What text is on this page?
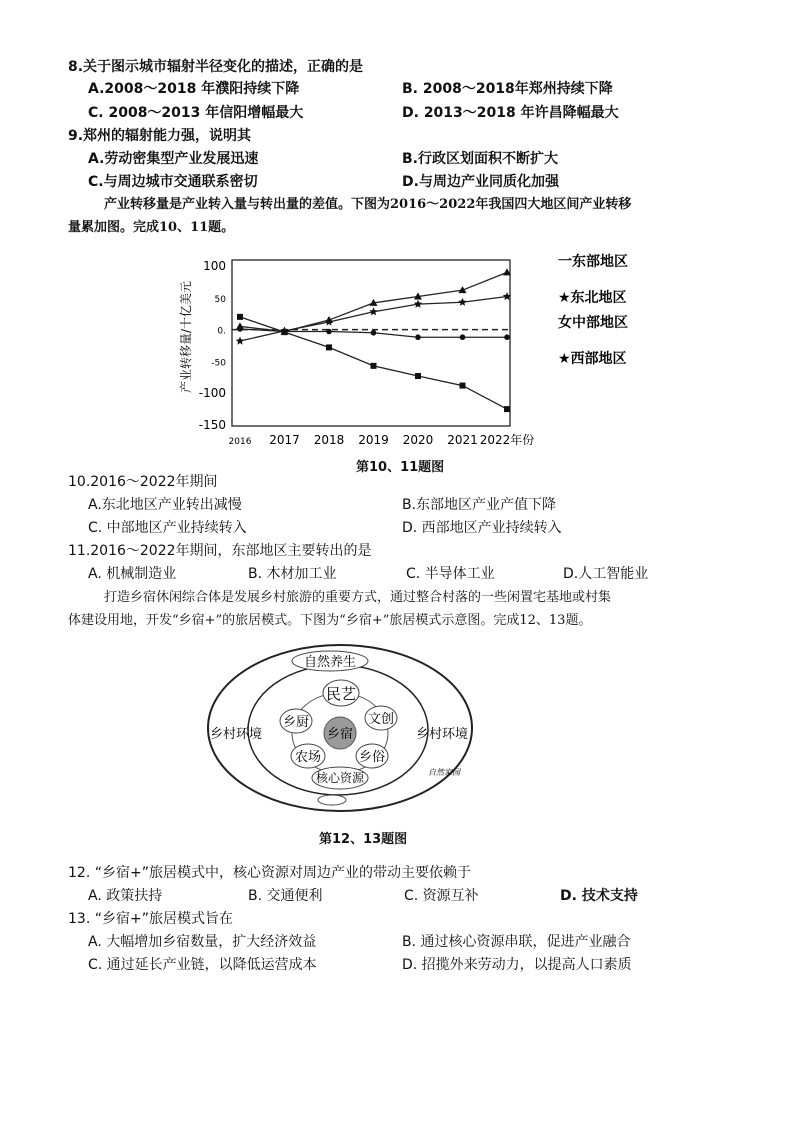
8.关于图示城市辐射半径变化的描述，正确的是
A.2008～2018 年濮阳持续下降	B. 2008～2018年郑州持续下降
C. 2008～2013 年信阳增幅最大	D. 2013～2018 年许昌降幅最大
9.郑州的辐射能力强，说明其
A.劳动密集型产业发展迅速	B.行政区划面积不断扩大
C.与周边城市交通联系密切	D.与周边产业同质化加强
产业转移量是产业转入量与转出量的差值。下图为2016～2022年我国四大地区间产业转移
量累加图。完成10、11题。
产业转移量/十亿美元
100
50
0.
-50
-100
-150
2016 2017 2018 2019 2020 2021 2022年份
一东部地区
★东北地区
女中部地区
★西部地区
第10、11题图
10.2016～2022年期间
A.东北地区产业转出减慢	B.东部地区产业产值下降
C. 中部地区产业持续转入	D. 西部地区产业持续转入
11.2016～2022年期间，东部地区主要转出的是
A. 机械制造业	B. 木材加工业	C. 半导体工业	D.人工智能业
打造乡宿休闲综合体是发展乡村旅游的重要方式，通过整合村落的一些闲置宅基地或村集
体建设用地，开发“乡宿+”的旅居模式。下图为“乡宿+”旅居模式示意图。完成12、13题。
自然养生
民艺
乡厨	文创
乡村环境	乡村环境
乡宿
农场	乡俗
核心资源	自然家园
第12、13题图
12. “乡宿+”旅居模式中，核心资源对周边产业的带动主要依赖于
A. 政策扶持	B. 交通便利	C. 资源互补	D. 技术支持
13. “乡宿+”旅居模式旨在
A. 大幅增加乡宿数量，扩大经济效益	B. 通过核心资源串联，促进产业融合
C. 通过延长产业链，以降低运营成本	D. 招揽外来劳动力，以提高人口素质
